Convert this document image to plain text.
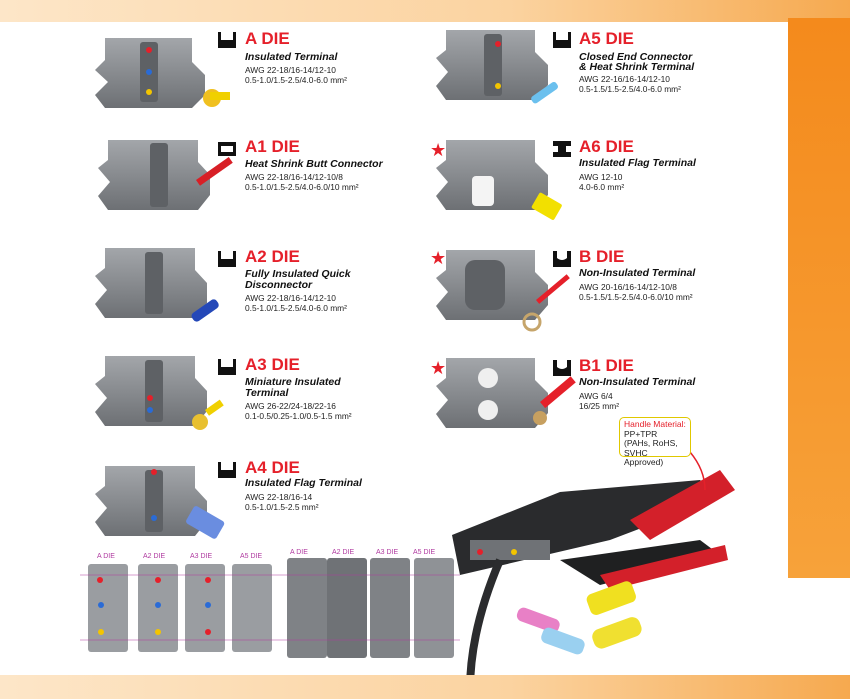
For Insulated Terminal & Non-Insulated Terminal
A DIE
Insulated Terminal
AWG 22-18/16-14/12-10
0.5-1.0/1.5-2.5/4.0-6.0 mm²
A1 DIE
Heat Shrink Butt Connector
AWG 22-18/16-14/12-10/8
0.5-1.0/1.5-2.5/4.0-6.0/10 mm²
A2 DIE
Fully Insulated Quick
Disconnector
AWG 22-18/16-14/12-10
0.5-1.0/1.5-2.5/4.0-6.0 mm²
A3 DIE
Miniature Insulated
Terminal
AWG 26-22/24-18/22-16
0.1-0.5/0.25-1.0/0.5-1.5 mm²
A4 DIE
Insulated Flag Terminal
AWG 22-18/16-14
0.5-1.0/1.5-2.5 mm²
A5 DIE
Closed End Connector
& Heat Shrink Terminal
AWG 22-16/16-14/12-10
0.5-1.5/1.5-2.5/4.0-6.0 mm²
★	A6 DIE
Insulated Flag Terminal
AWG 12-10
4.0-6.0 mm²
★	B DIE
Non-Insulated Terminal
AWG 20-16/16-14/12-10/8
0.5-1.5/1.5-2.5/4.0-6.0/10 mm²
★	B1 DIE
Non-Insulated Terminal
AWG 6/4
16/25 mm²
Handle Material:
PP+TPR
(PAHs, RoHS,
SVHC Approved)
A DIE	A2 DIE	A3 DIE	A5 DIE
A DIE	A2 DIE	A3 DIE A5 DIE
